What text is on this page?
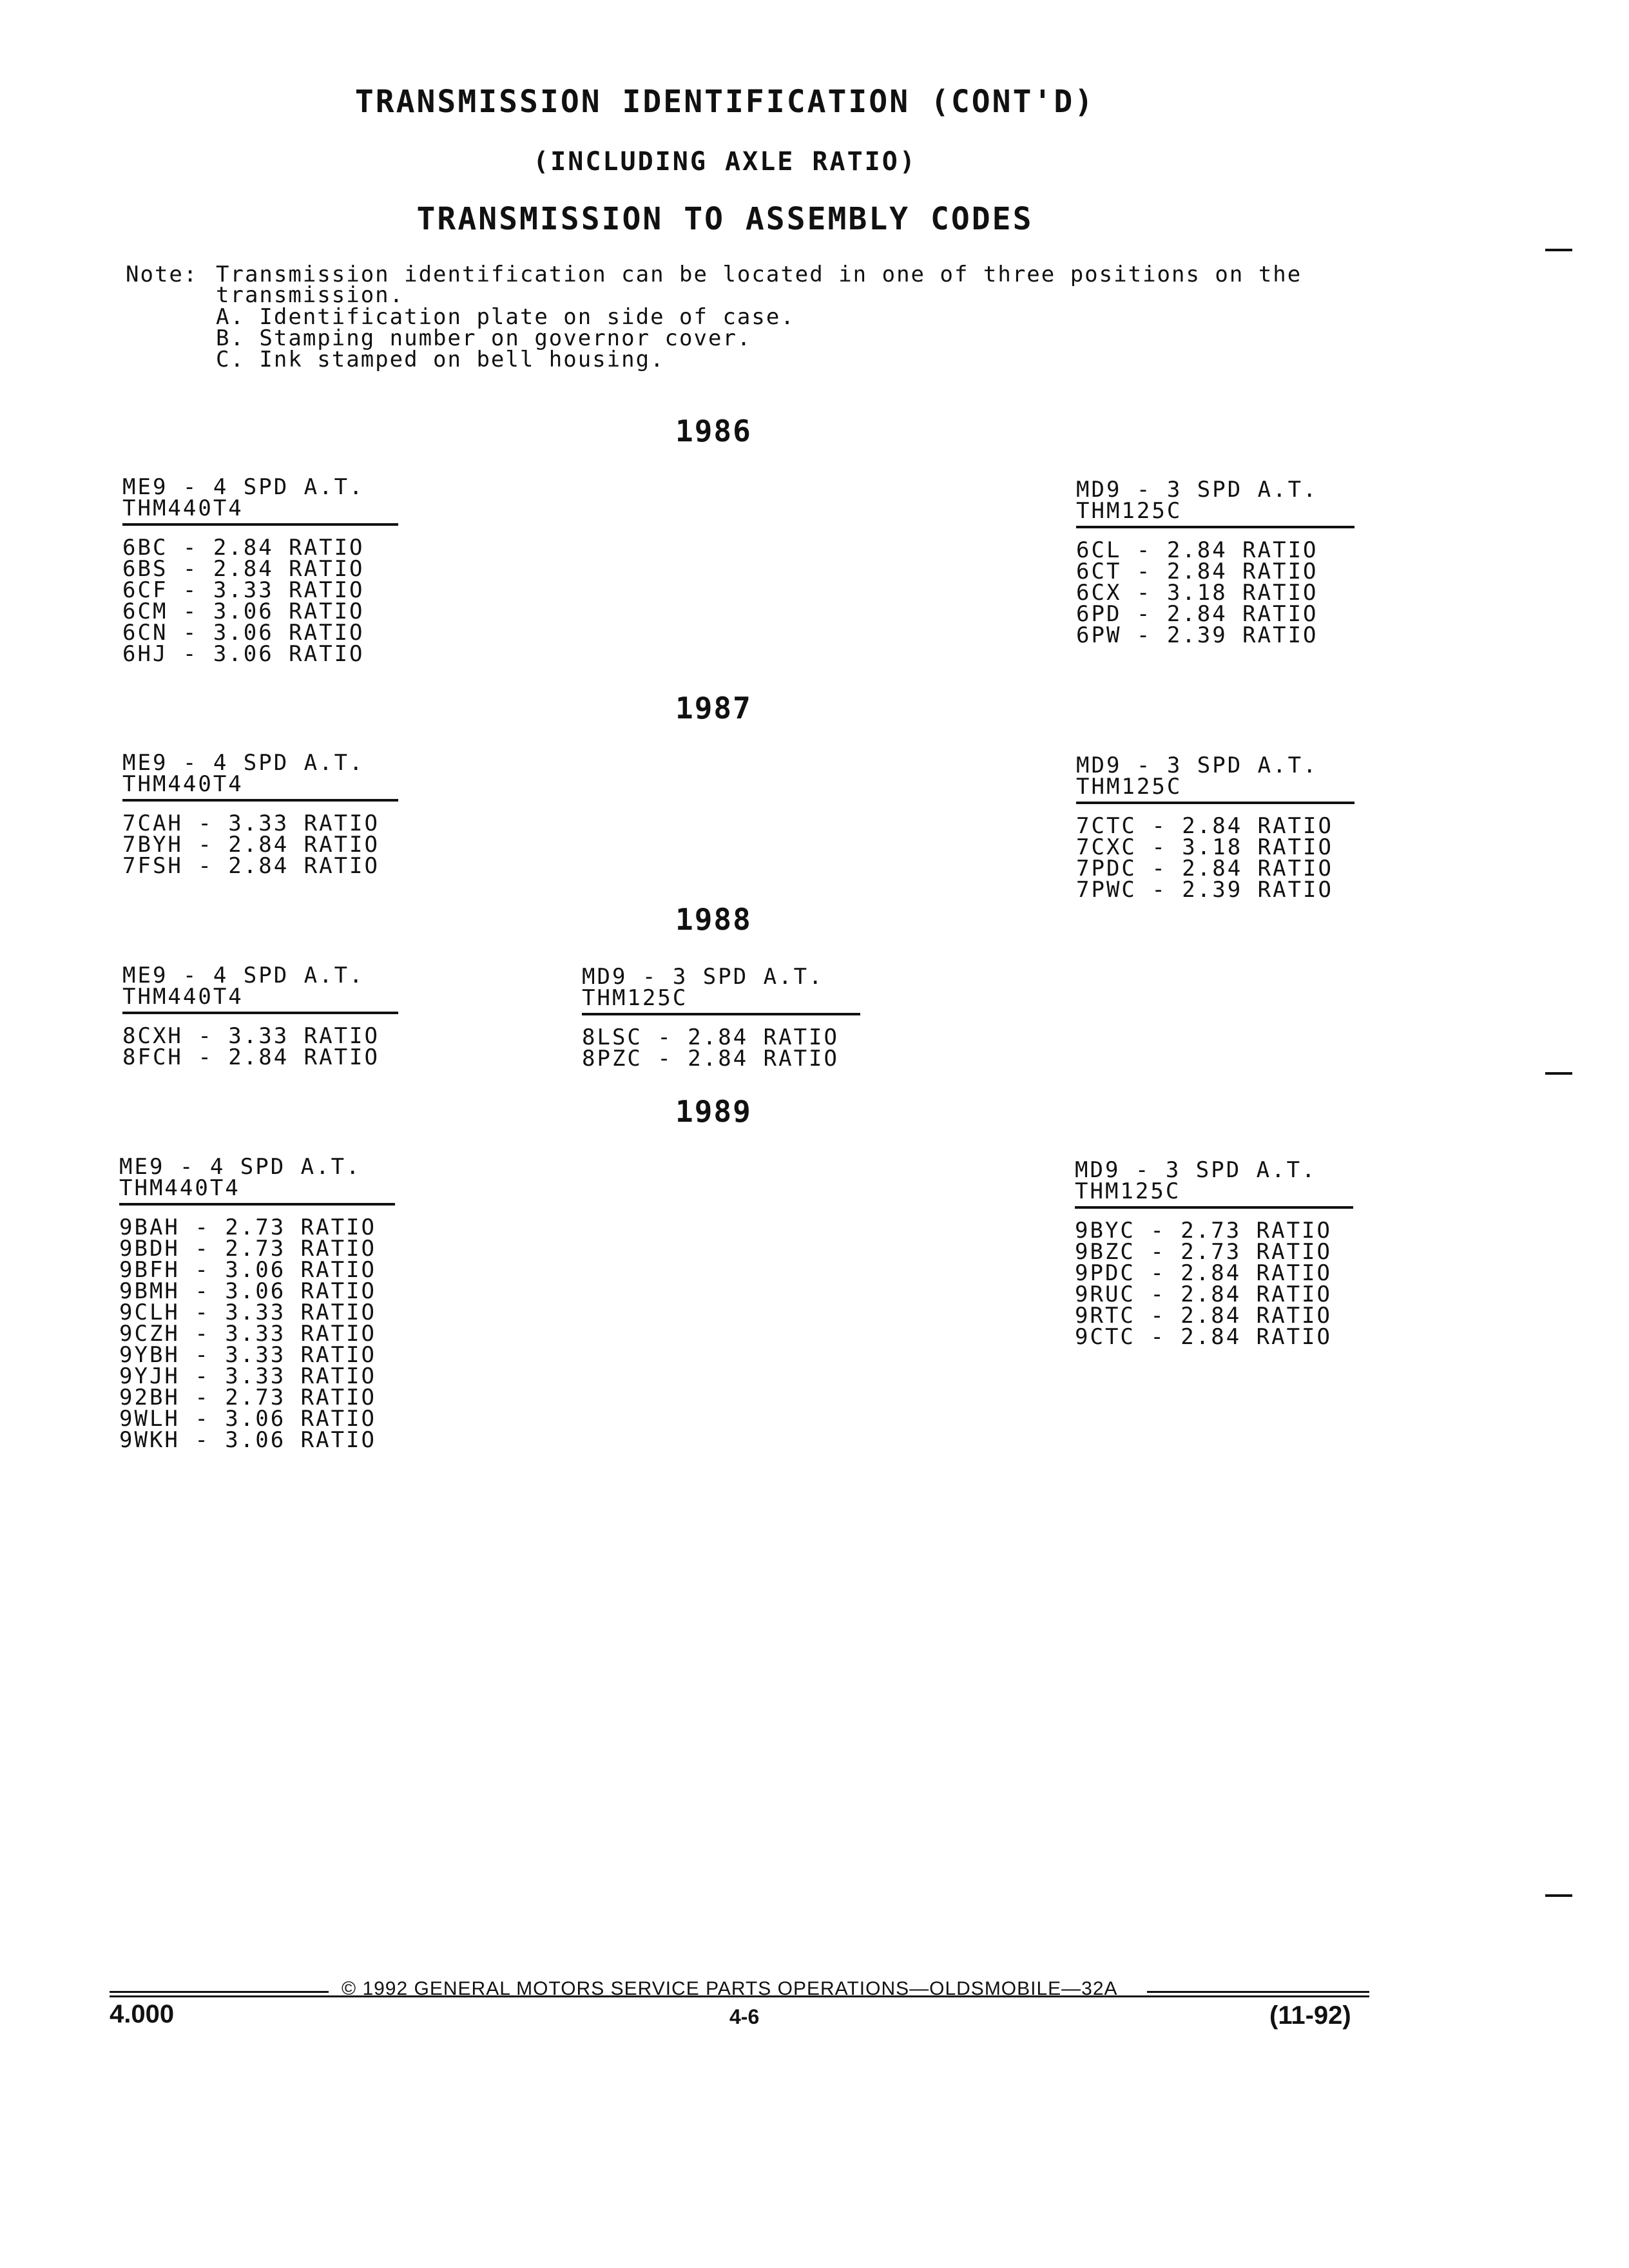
TRANSMISSION IDENTIFICATION (CONT'D)
(INCLUDING AXLE RATIO)
TRANSMISSION TO ASSEMBLY CODES
Note: Transmission identification can be located in one of three positions on the
transmission.
A. Identification plate on side of case.
B. Stamping number on governor cover.
C. Ink stamped on bell housing.
1986
ME9 - 4 SPD A.T.
THM440T4
6BC - 2.84 RATIO
6BS - 2.84 RATIO
6CF - 3.33 RATIO
6CM - 3.06 RATIO
6CN - 3.06 RATIO
6HJ - 3.06 RATIO
MD9 - 3 SPD A.T.
THM125C
6CL - 2.84 RATIO
6CT - 2.84 RATIO
6CX - 3.18 RATIO
6PD - 2.84 RATIO
6PW - 2.39 RATIO
1987
ME9 - 4 SPD A.T.
THM440T4
7CAH - 3.33 RATIO
7BYH - 2.84 RATIO
7FSH - 2.84 RATIO
MD9 - 3 SPD A.T.
THM125C
7CTC - 2.84 RATIO
7CXC - 3.18 RATIO
7PDC - 2.84 RATIO
7PWC - 2.39 RATIO
1988
ME9 - 4 SPD A.T.
THM440T4
8CXH - 3.33 RATIO
8FCH - 2.84 RATIO
MD9 - 3 SPD A.T.
THM125C
8LSC - 2.84 RATIO
8PZC - 2.84 RATIO
1989
ME9 - 4 SPD A.T.
THM440T4
9BAH - 2.73 RATIO
9BDH - 2.73 RATIO
9BFH - 3.06 RATIO
9BMH - 3.06 RATIO
9CLH - 3.33 RATIO
9CZH - 3.33 RATIO
9YBH - 3.33 RATIO
9YJH - 3.33 RATIO
92BH - 2.73 RATIO
9WLH - 3.06 RATIO
9WKH - 3.06 RATIO
MD9 - 3 SPD A.T.
THM125C
9BYC - 2.73 RATIO
9BZC - 2.73 RATIO
9PDC - 2.84 RATIO
9RUC - 2.84 RATIO
9RTC - 2.84 RATIO
9CTC - 2.84 RATIO
© 1992 GENERAL MOTORS SERVICE PARTS OPERATIONS—OLDSMOBILE—32A
4.000	4-6	(11-92)
